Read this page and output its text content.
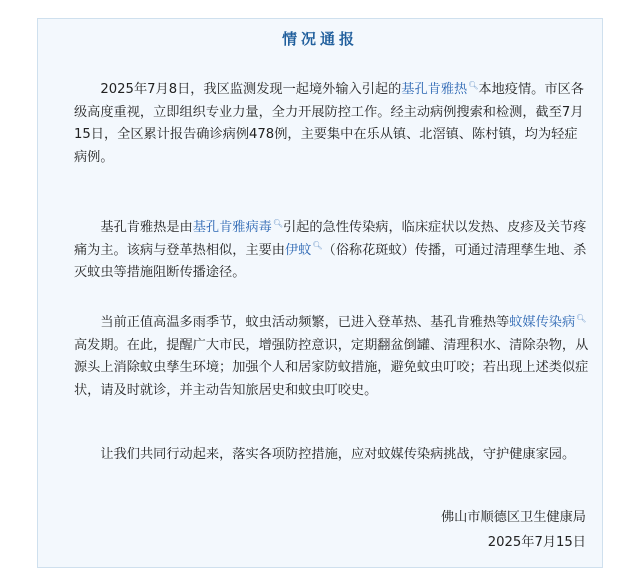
情况通报

2025年7月8日，我区监测发现一起境外输入引起的基孔肯雅热🔍︎本地疫情。市区各级高度重视，立即组织专业力量，全力开展防控工作。经主动病例搜索和检测，截至7月15日，全区累计报告确诊病例478例，主要集中在乐从镇、北滘镇、陈村镇，均为轻症病例。

基孔肯雅热是由基孔肯雅病毒🔍︎引起的急性传染病，临床症状以发热、皮疹及关节疼痛为主。该病与登革热相似，主要由伊蚊🔍︎（俗称花斑蚊）传播，可通过清理孳生地、杀灭蚊虫等措施阻断传播途径。

当前正值高温多雨季节，蚊虫活动频繁，已进入登革热、基孔肯雅热等蚊媒传染病🔍︎高发期。在此，提醒广大市民，增强防控意识，定期翻盆倒罐、清理积水、清除杂物，从源头上消除蚊虫孳生环境；加强个人和居家防蚊措施，避免蚊虫叮咬；若出现上述类似症状，请及时就诊，并主动告知旅居史和蚊虫叮咬史。

让我们共同行动起来，落实各项防控措施，应对蚊媒传染病挑战，守护健康家园。

佛山市顺德区卫生健康局
2025年7月15日
